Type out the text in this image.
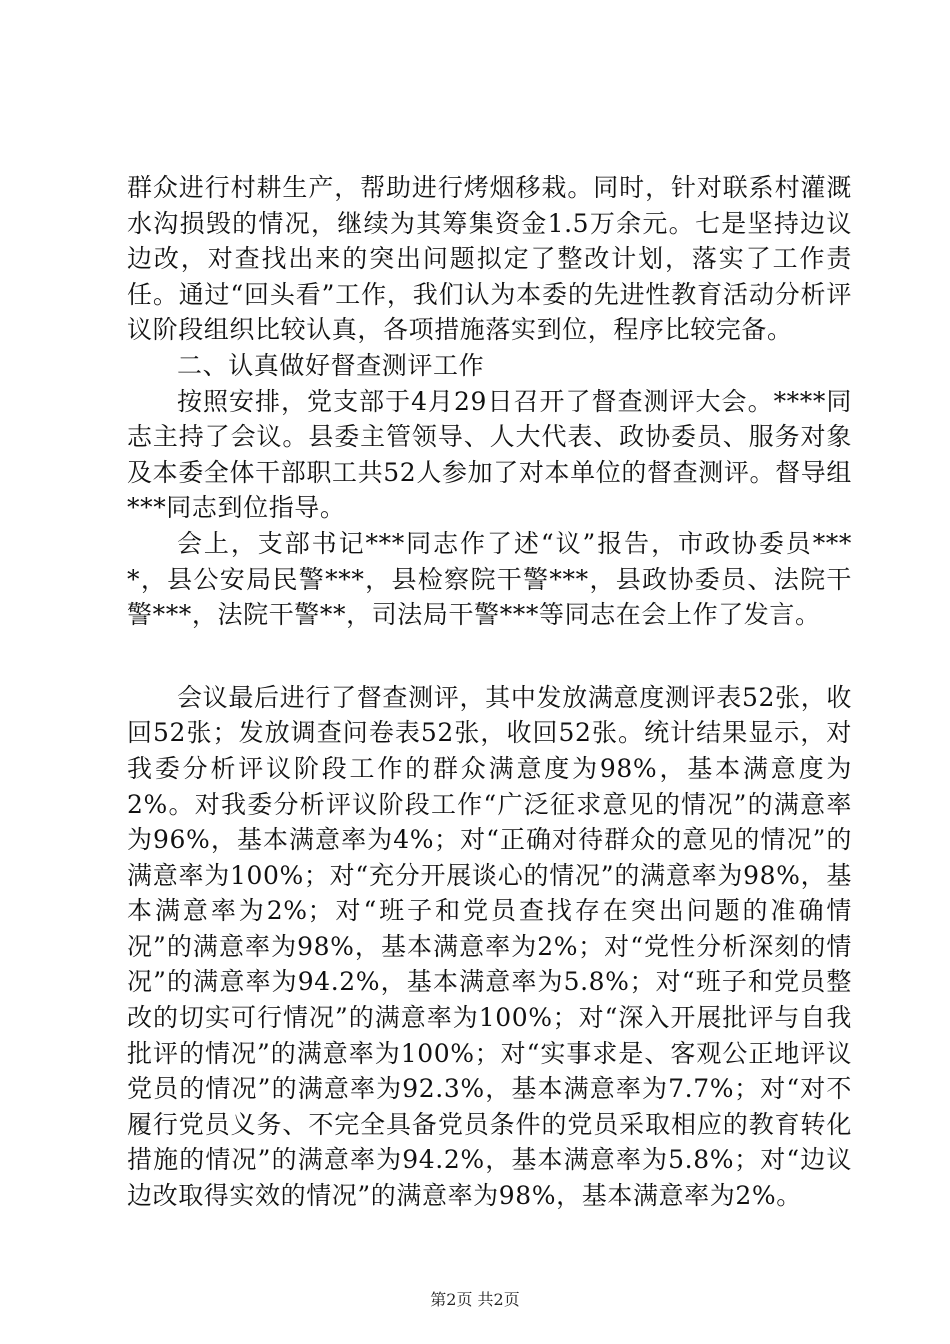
群众进行村耕生产，帮助进行烤烟移栽。同时，针对联系村灌溉水沟损毁的情况，继续为其筹集资金1.5万余元。七是坚持边议边改，对查找出来的突出问题拟定了整改计划，落实了工作责任。通过“回头看”工作，我们认为本委的先进性教育活动分析评议阶段组织比较认真，各项措施落实到位，程序比较完备。

二、认真做好督查测评工作

按照安排，党支部于4月29日召开了督查测评大会。****同志主持了会议。县委主管领导、人大代表、政协委员、服务对象及本委全体干部职工共52人参加了对本单位的督查测评。督导组***同志到位指导。

会上，支部书记***同志作了述“议”报告，市政协委员****，县公安局民警***，县检察院干警***，县政协委员、法院干警***，法院干警**，司法局干警***等同志在会上作了发言。

会议最后进行了督查测评，其中发放满意度测评表52张，收回52张；发放调查问卷表52张，收回52张。统计结果显示，对我委分析评议阶段工作的群众满意度为98%，基本满意度为2%。对我委分析评议阶段工作“广泛征求意见的情况”的满意率为96%，基本满意率为4%；对“正确对待群众的意见的情况”的满意率为100%；对“充分开展谈心的情况”的满意率为98%，基本满意率为2%；对“班子和党员查找存在突出问题的准确情况”的满意率为98%，基本满意率为2%；对“党性分析深刻的情况”的满意率为94.2%，基本满意率为5.8%；对“班子和党员整改的切实可行情况”的满意率为100%；对“深入开展批评与自我批评的情况”的满意率为100%；对“实事求是、客观公正地评议党员的情况”的满意率为92.3%，基本满意率为7.7%；对“对不履行党员义务、不完全具备党员条件的党员采取相应的教育转化措施的情况”的满意率为94.2%，基本满意率为5.8%；对“边议边改取得实效的情况”的满意率为98%，基本满意率为2%。

第2页 共2页
